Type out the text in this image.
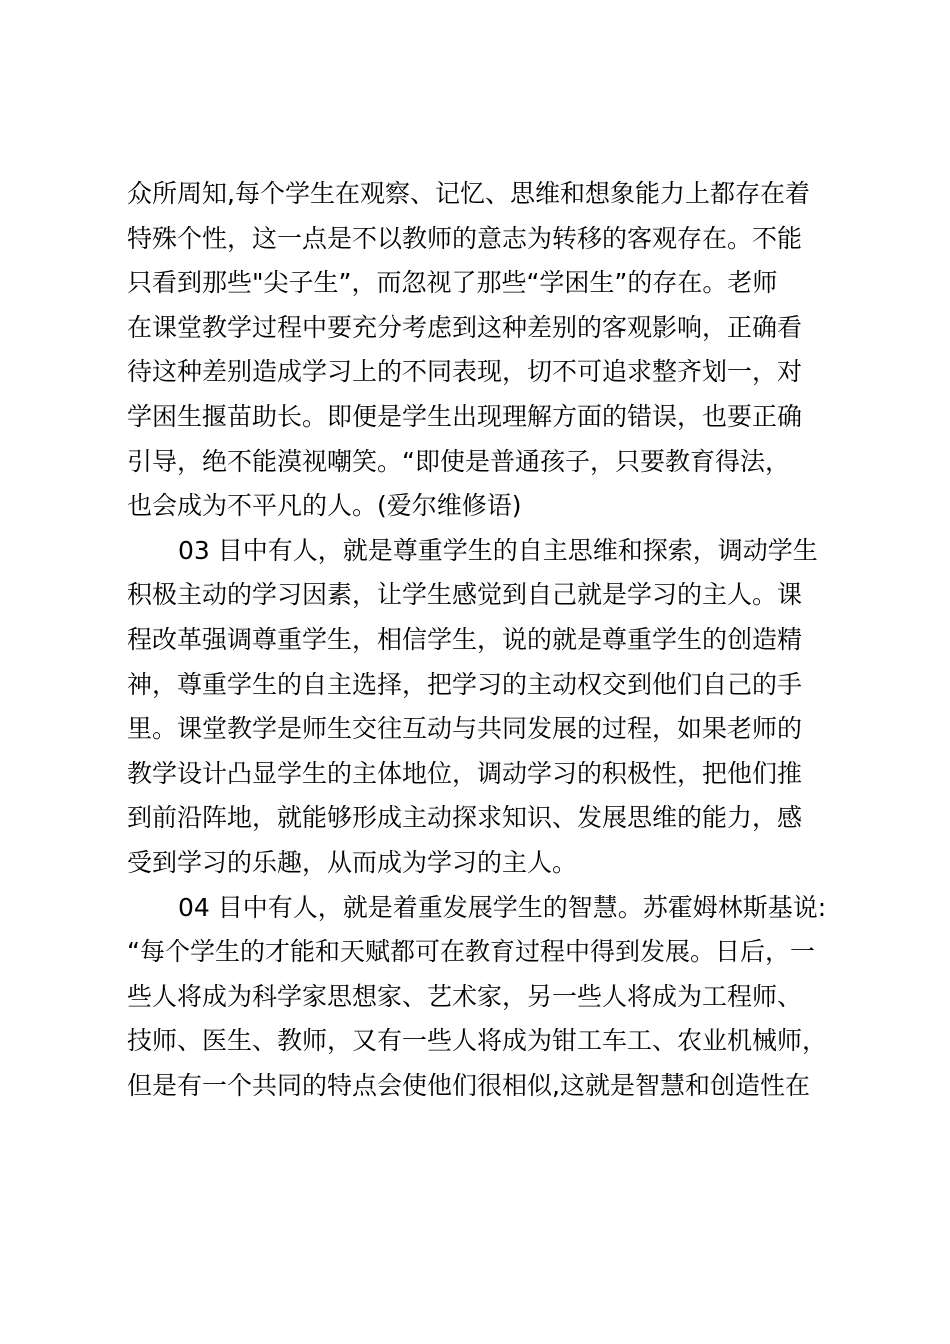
众所周知,每个学生在观察、记忆、思维和想象能力上都存在着
特殊个性，这一点是不以教师的意志为转移的客观存在。不能
只看到那些"尖子生”，而忽视了那些“学困生”的存在。老师
在课堂教学过程中要充分考虑到这种差别的客观影响，正确看
待这种差别造成学习上的不同表现，切不可追求整齐划一，对
学困生揠苗助长。即便是学生出现理解方面的错误，也要正确
引导，绝不能漠视嘲笑。“即使是普通孩子，只要教育得法，
也会成为不平凡的人。(爱尔维修语)
03 目中有人，就是尊重学生的自主思维和探索，调动学生
积极主动的学习因素，让学生感觉到自己就是学习的主人。课
程改革强调尊重学生，相信学生，说的就是尊重学生的创造精
神，尊重学生的自主选择，把学习的主动权交到他们自己的手
里。课堂教学是师生交往互动与共同发展的过程，如果老师的
教学设计凸显学生的主体地位，调动学习的积极性，把他们推
到前沿阵地，就能够形成主动探求知识、发展思维的能力，感
受到学习的乐趣，从而成为学习的主人。
04 目中有人，就是着重发展学生的智慧。苏霍姆林斯基说:
“每个学生的才能和天赋都可在教育过程中得到发展。日后，一
些人将成为科学家思想家、艺术家，另一些人将成为工程师、
技师、医生、教师，又有一些人将成为钳工车工、农业机械师，
但是有一个共同的特点会使他们很相似,这就是智慧和创造性在
